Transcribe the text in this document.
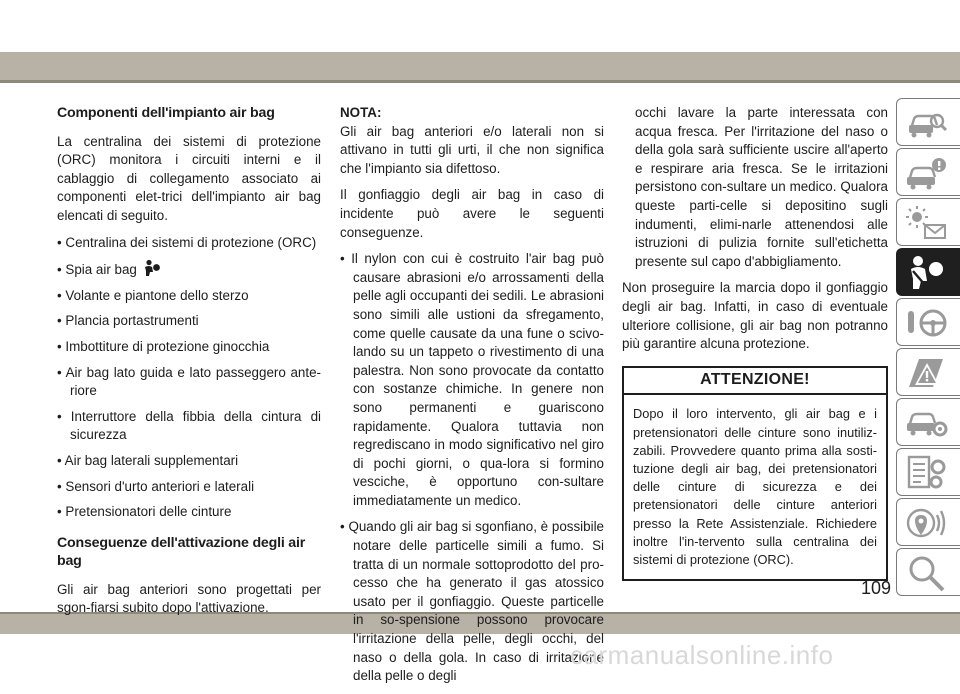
Componenti dell'impianto air bag

La centralina dei sistemi di protezione (ORC) monitora i circuiti interni e il cablaggio di collegamento associato ai componenti elet-trici dell'impianto air bag elencati di seguito.

• Centralina dei sistemi di protezione (ORC)

• Spia air bag

• Volante e piantone dello sterzo

• Plancia portastrumenti

• Imbottiture di protezione ginocchia

• Air bag lato guida e lato passeggero ante-riore

• Interruttore della fibbia della cintura di sicurezza

• Air bag laterali supplementari

• Sensori d'urto anteriori e laterali

• Pretensionatori delle cinture

Conseguenze dell'attivazione degli air bag

Gli air bag anteriori sono progettati per sgon-fiarsi subito dopo l'attivazione.

NOTA:

Gli air bag anteriori e/o laterali non si attivano in tutti gli urti, il che non significa che l'impianto sia difettoso.

Il gonfiaggio degli air bag in caso di incidente può avere le seguenti conseguenze.

• Il nylon con cui è costruito l'air bag può causare abrasioni e/o arrossamenti della pelle agli occupanti dei sedili. Le abrasioni sono simili alle ustioni da sfregamento, come quelle causate da una fune o scivo-lando su un tappeto o rivestimento di una palestra. Non sono provocate da contatto con sostanze chimiche. In genere non sono permanenti e guariscono rapidamente. Qualora tuttavia non regrediscano in modo significativo nel giro di pochi giorni, o qua-lora si formino vesciche, è opportuno con-sultare immediatamente un medico.

• Quando gli air bag si sgonfiano, è possibile notare delle particelle simili a fumo. Si tratta di un normale sottoprodotto del pro-cesso che ha generato il gas atossico usato per il gonfiaggio. Queste particelle in so-spensione possono provocare l'irritazione della pelle, degli occhi, del naso o della gola. In caso di irritazione della pelle o degli

occhi lavare la parte interessata con acqua fresca. Per l'irritazione del naso o della gola sarà sufficiente uscire all'aperto e respirare aria fresca. Se le irritazioni persistono con-sultare un medico. Qualora queste parti-celle si depositino sugli indumenti, elimi-narle attenendosi alle istruzioni di pulizia fornite sull'etichetta presente sul capo d'abbigliamento.

Non proseguire la marcia dopo il gonfiaggio degli air bag. Infatti, in caso di eventuale ulteriore collisione, gli air bag non potranno più garantire alcuna protezione.

ATTENZIONE!
Dopo il loro intervento, gli air bag e i pretensionatori delle cinture sono inutiliz-zabili. Provvedere quanto prima alla sosti-tuzione degli air bag, dei pretensionatori delle cinture di sicurezza e dei pretensionatori delle cinture anteriori presso la Rete Assistenziale. Richiedere inoltre l'in-tervento sulla centralina dei sistemi di protezione (ORC).
109
carmanualsonline.info
